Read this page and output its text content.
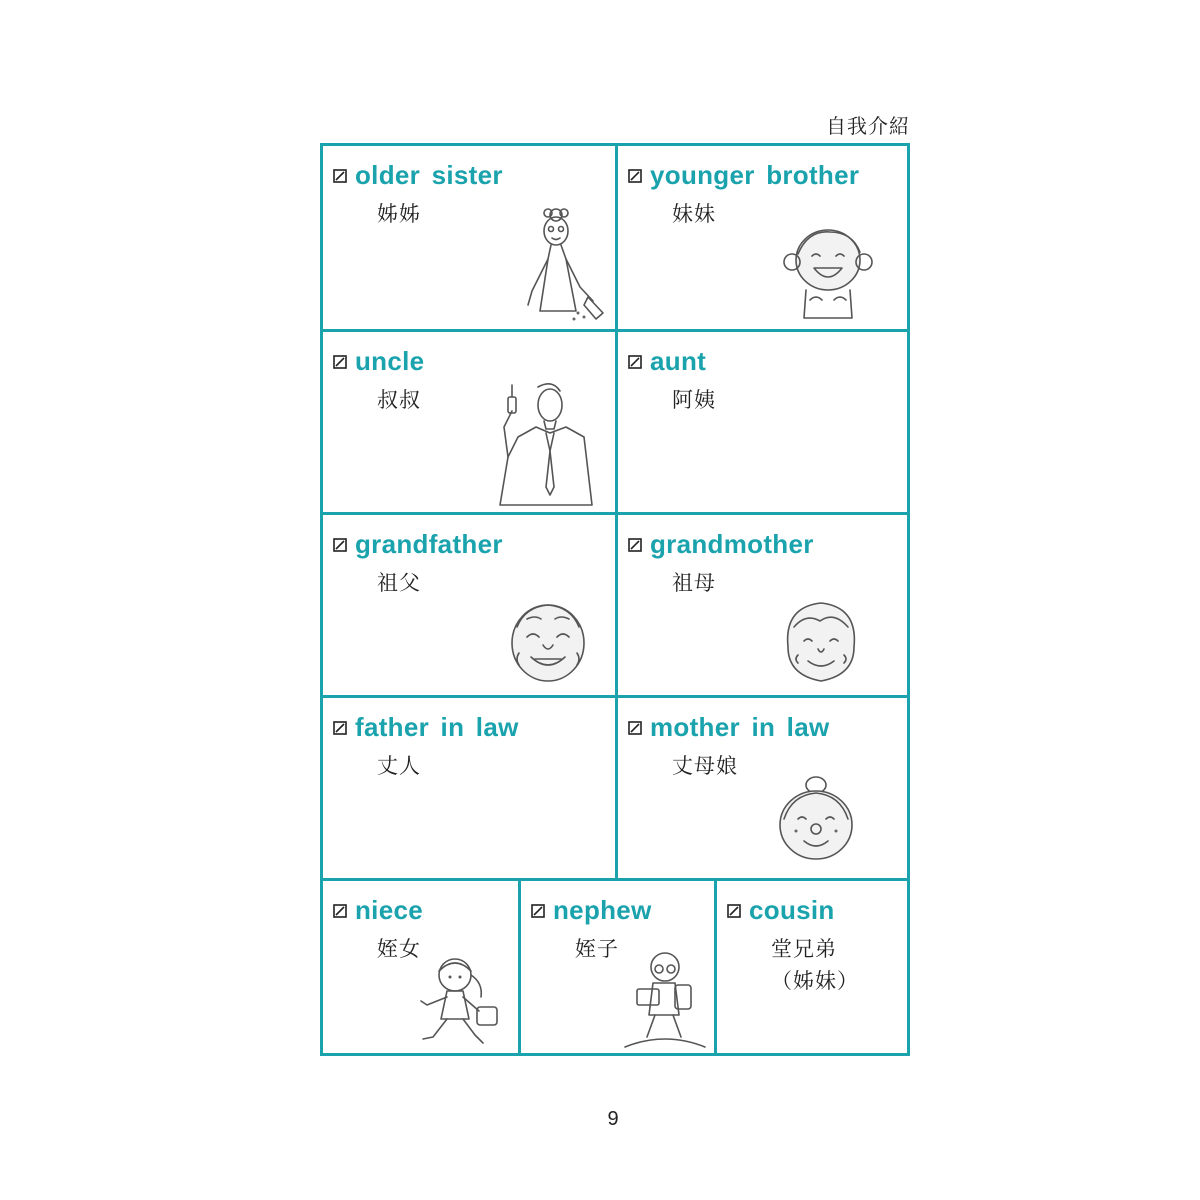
自我介紹
older sister
姊姊
younger brother
妹妹
uncle
叔叔
aunt
阿姨
grandfather
祖父
grandmother
祖母
father in law
丈人
mother in law
丈母娘
niece
姪女
nephew
姪子
cousin
堂兄弟
（姊妹）
9
